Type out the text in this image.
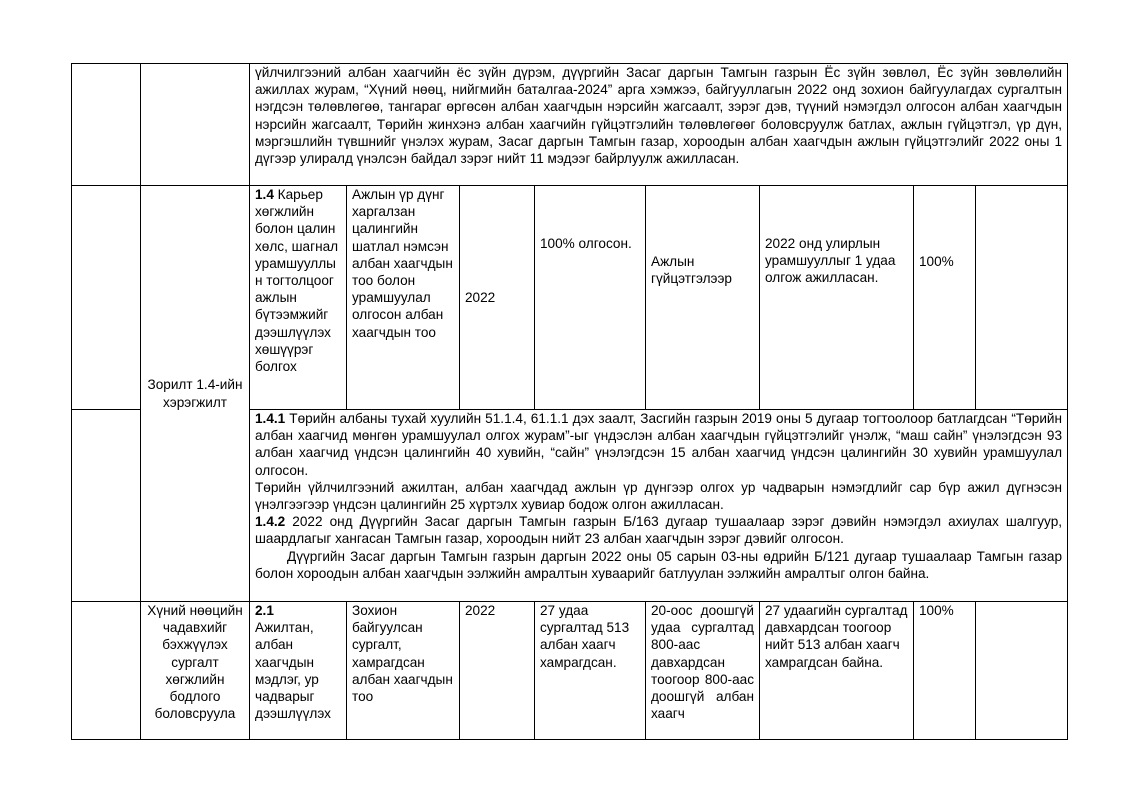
		үйлчилгээний албан хаагчийн ёс зүйн дүрэм, дүүргийн Засаг даргын Тамгын газрын Ёс зүйн зөвлөл, Ёс зүйн зөвлөлийн ажиллах журам, “Хүний нөөц, нийгмийн баталгаа-2024” арга хэмжээ, байгууллагын 2022 онд зохион байгуулагдах сургалтын нэгдсэн төлөвлөгөө, тангараг өргөсөн албан хаагчдын нэрсийн жагсаалт, зэрэг дэв, түүний нэмэгдэл олгосон албан хаагчдын нэрсийн жагсаалт, Төрийн жинхэнэ албан хаагчийн гүйцэтгэлийн төлөвлөгөөг боловсруулж батлах, ажлын гүйцэтгэл, үр дүн, мэргэшлийн түвшнийг үнэлэх журам, Засаг даргын Тамгын газар, хороодын албан хаагчдын ажлын гүйцэтгэлийг 2022 оны 1 дүгээр улиралд үнэлсэн байдал зэрэг нийт 11 мэдээг байрлуулж ажилласан.							

	Зорилт 1.4-ийн хэрэгжилт	1.4 Карьер хөгжлийн болон цалин хөлс, шагнал урамшууллын тогтолцоог ажлын бүтээмжийг дээшлүүлэх хөшүүрэг болгох	Ажлын үр дүнг харгалзан цалингийн шатлал нэмсэн албан хаагчдын тоо болон урамшуулал олгосон албан хаагчдын тоо	2022	100% олгосон.	Ажлын гүйцэтгэлээр	2022 онд улирлын урамшууллыг 1 удаа олгож ажилласан.	100%	

		1.4.1 Төрийн албаны тухай хуулийн 51.1.4, 61.1.1 дэх заалт, Засгийн газрын 2019 оны 5 дугаар тогтоолоор батлагдсан “Төрийн албан хаагчид мөнгөн урамшуулал олгох журам”-ыг үндэслэн албан хаагчдын гүйцэтгэлийг үнэлж, “маш сайн” үнэлэгдсэн 93 албан хаагчид үндсэн цалингийн 40 хувийн, “сайн” үнэлэгдсэн 15 албан хаагчид үндсэн цалингийн 30 хувийн урамшуулал олгосон.

Төрийн үйлчилгээний ажилтан, албан хаагчдад ажлын үр дүнгээр олгох ур чадварын нэмэгдлийг сар бүр ажил дүгнэсэн үнэлгээгээр үндсэн цалингийн 25 хүртэлх хувиар бодож олгон ажилласан.

1.4.2 2022 онд Дүүргийн Засаг даргын Тамгын газрын Б/163 дугаар тушаалаар зэрэг дэвийн нэмэгдэл ахиулах шалгуур, шаардлагыг хангасан Тамгын газар, хороодын нийт 23 албан хаагчдын зэрэг дэвийг олгосон.

Дүүргийн Засаг даргын Тамгын газрын даргын 2022 оны 05 сарын 03-ны өдрийн Б/121 дугаар тушаалаар Тамгын газар болон хороодын албан хаагчдын ээлжийн амралтын хуваарийг батлуулан ээлжийн амралтыг олгон байна.							

	Хүний нөөцийн чадавхийг бэхжүүлэх сургалт хөгжлийн бодлого боловсруула	2.1
Ажилтан, албан хаагчдын мэдлэг, ур чадварыг дээшлүүлэх	Зохион байгуулсан сургалт, хамрагдсан албан хаагчдын тоо	2022	27 удаа сургалтад 513 албан хаагч хамрагдсан.	20-оос доошгүй удаа сургалтад 800-аас давхардсан тоогоор 800-аас доошгүй албан хаагч	27 удаагийн сургалтад давхардсан тоогоор нийт 513 албан хаагч хамрагдсан байна.	100%	
